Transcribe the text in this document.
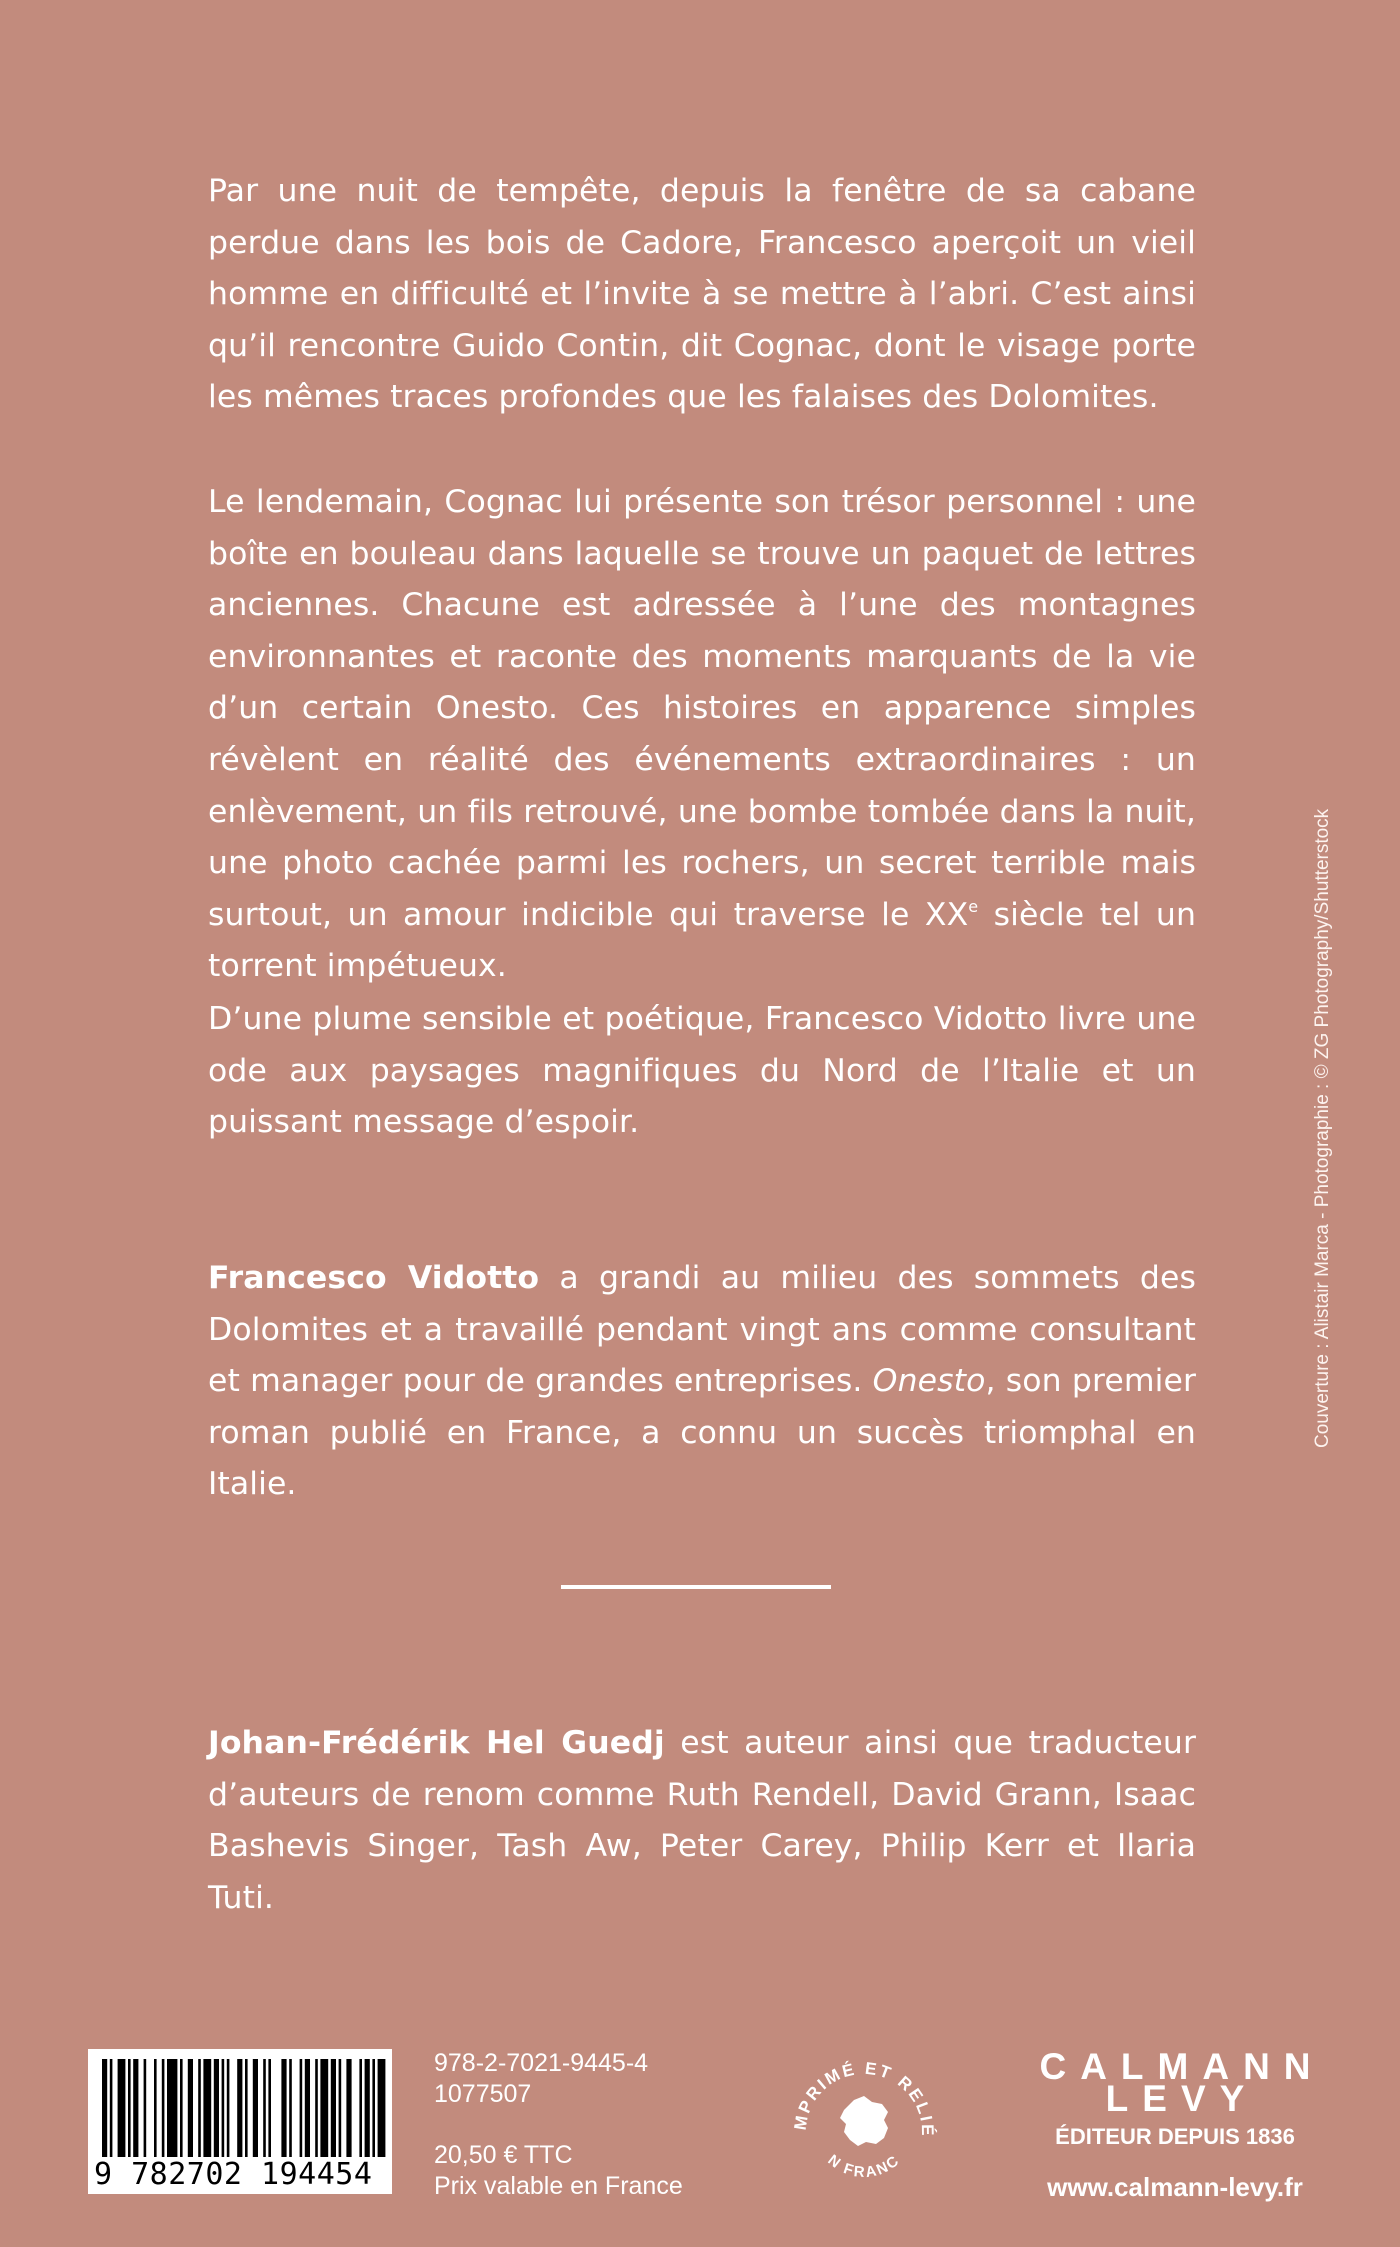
Par une nuit de tempête, depuis la fenêtre de sa cabane perdue dans les bois de Cadore, Francesco aperçoit un vieil homme en difficulté et l’invite à se mettre à l’abri. C’est ainsi qu’il rencontre Guido Contin, dit Cognac, dont le visage porte les mêmes traces profondes que les falaises des Dolomites.

Le lendemain, Cognac lui présente son trésor personnel : une boîte en bouleau dans laquelle se trouve un paquet de lettres anciennes. Chacune est adressée à l’une des montagnes environnantes et raconte des moments marquants de la vie d’un certain Onesto. Ces histoires en apparence simples révèlent en réalité des événements extraordinaires : un enlèvement, un fils retrouvé, une bombe tombée dans la nuit, une photo cachée parmi les rochers, un secret terrible mais surtout, un amour indicible qui traverse le XXe siècle tel un torrent impétueux.

D’une plume sensible et poétique, Francesco Vidotto livre une ode aux paysages magnifiques du Nord de l’Italie et un puissant message d’espoir.

Francesco Vidotto a grandi au milieu des sommets des Dolomites et a travaillé pendant vingt ans comme consultant et manager pour de grandes entreprises. Onesto, son premier roman publié en France, a connu un succès triomphal en Italie.

Johan-Frédérik Hel Guedj est auteur ainsi que traducteur d’auteurs de renom comme Ruth Rendell, David Grann, Isaac Bashevis Singer, Tash Aw, Peter Carey, Philip Kerr et Ilaria Tuti.

Couverture : Alistair Marca - Photographie : © ZG Photography/Shutterstock
9 782702 194454
978-2-7021-9445-4
1077507
20,50 € TTC
Prix valable en France
MPRIMÉ ET RELIÉ
N FRANC
CALMANN
LEVY
ÉDITEUR DEPUIS 1836
www.calmann-levy.fr
